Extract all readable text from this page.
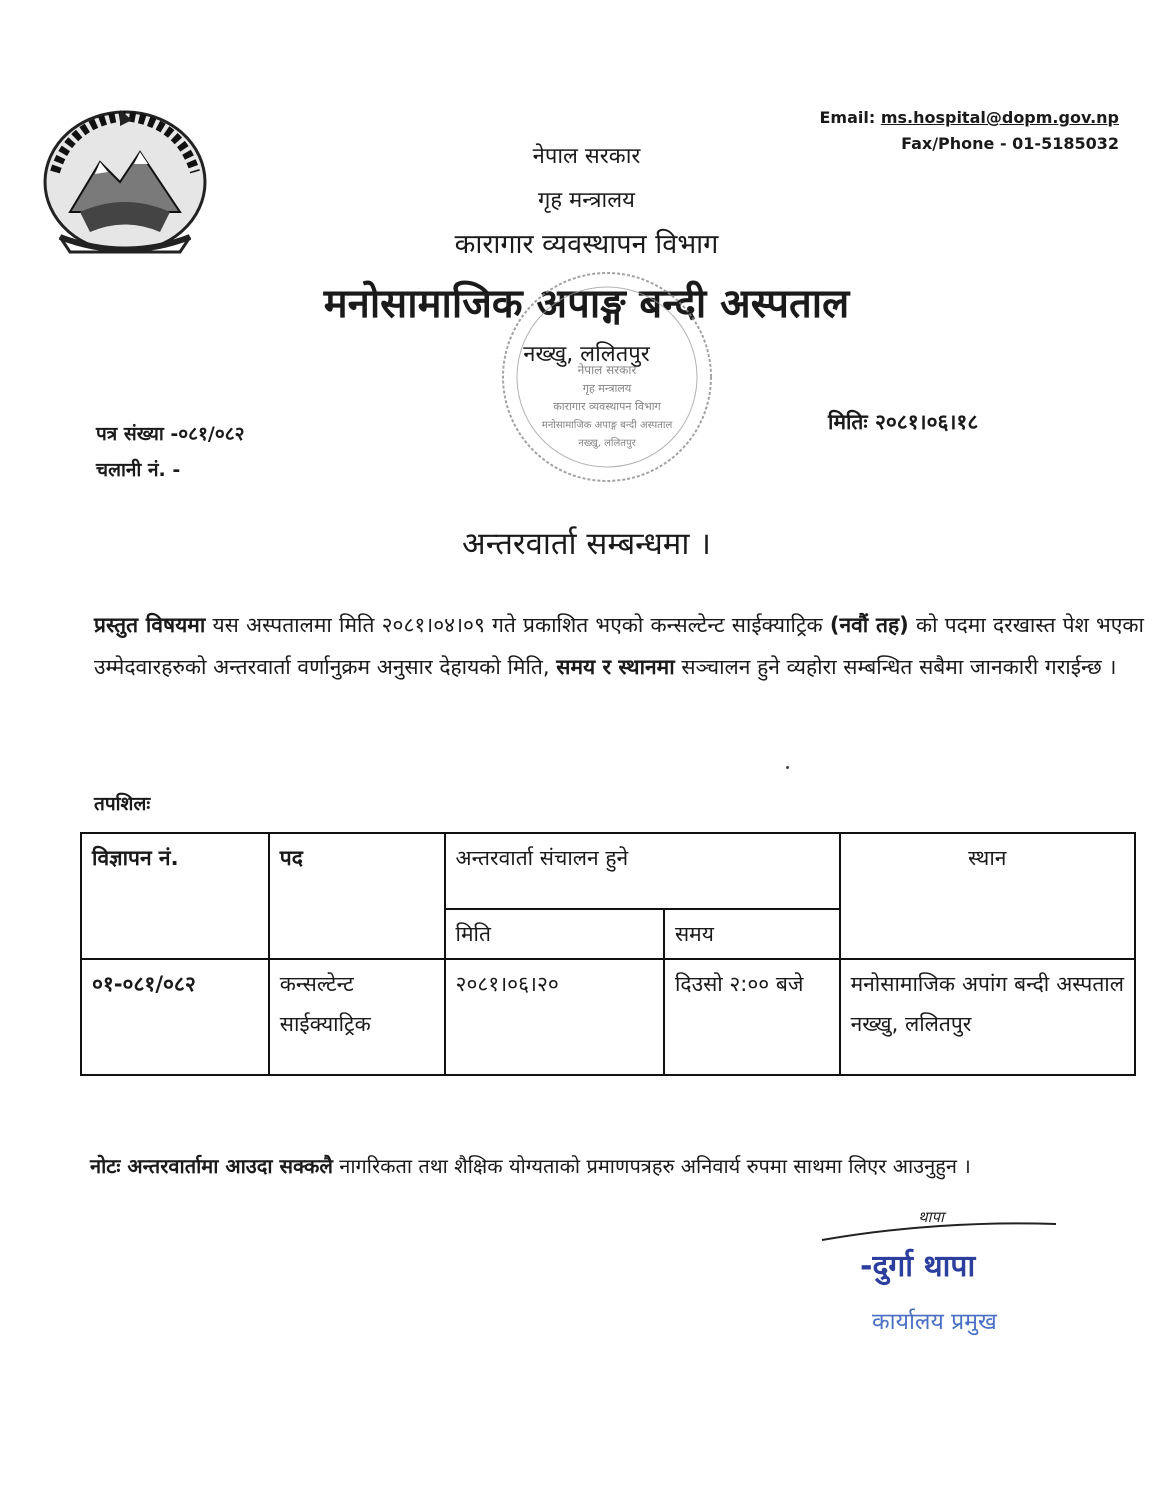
Email: ms.hospital@dopm.gov.np
Fax/Phone - 01-5185032
नेपाल सरकार
गृह मन्त्रालय
कारागार व्यवस्थापन विभाग
मनोसामाजिक अपाङ्ग बन्दी अस्पताल
नख्खु, ललितपुर
नेपाल सरकार
गृह मन्त्रालय
कारागार व्यवस्थापन विभाग
मनोसामाजिक अपाङ्ग बन्दी अस्पताल
नख्खु, ललितपुर
पत्र संख्या -०८१/०८२
चलानी नं. -
मितिः २०८१।०६।१८
अन्तरवार्ता सम्बन्धमा ।
प्रस्तुत विषयमा यस अस्पतालमा मिति २०८१।०४।०९ गते प्रकाशित भएको कन्सल्टेन्ट साईक्याट्रिक (नवौं तह) को पदमा दरखास्त पेश भएका उम्मेदवारहरुको अन्तरवार्ता वर्णानुक्रम अनुसार देहायको मिति, समय र स्थानमा सञ्चालन हुने व्यहोरा सम्बन्धित सबैमा जानकारी गराईन्छ ।
तपशिलः
विज्ञापन नं.	पद	अन्तरवार्ता संचालन हुने		स्थान
		मिति	समय	
०१-०८१/०८२	कन्सल्टेन्ट साईक्याट्रिक	२०८१।०६।२०	दिउसो २:०० बजे	मनोसामाजिक अपांग बन्दी अस्पताल नख्खु, ललितपुर
नोटः अन्तरवार्तामा आउदा सक्कलै नागरिकता तथा शैक्षिक योग्यताको प्रमाणपत्रहरु अनिवार्य रुपमा साथमा लिएर आउनुहुन ।
थापा
-दुर्गा थापा
कार्यालय प्रमुख
